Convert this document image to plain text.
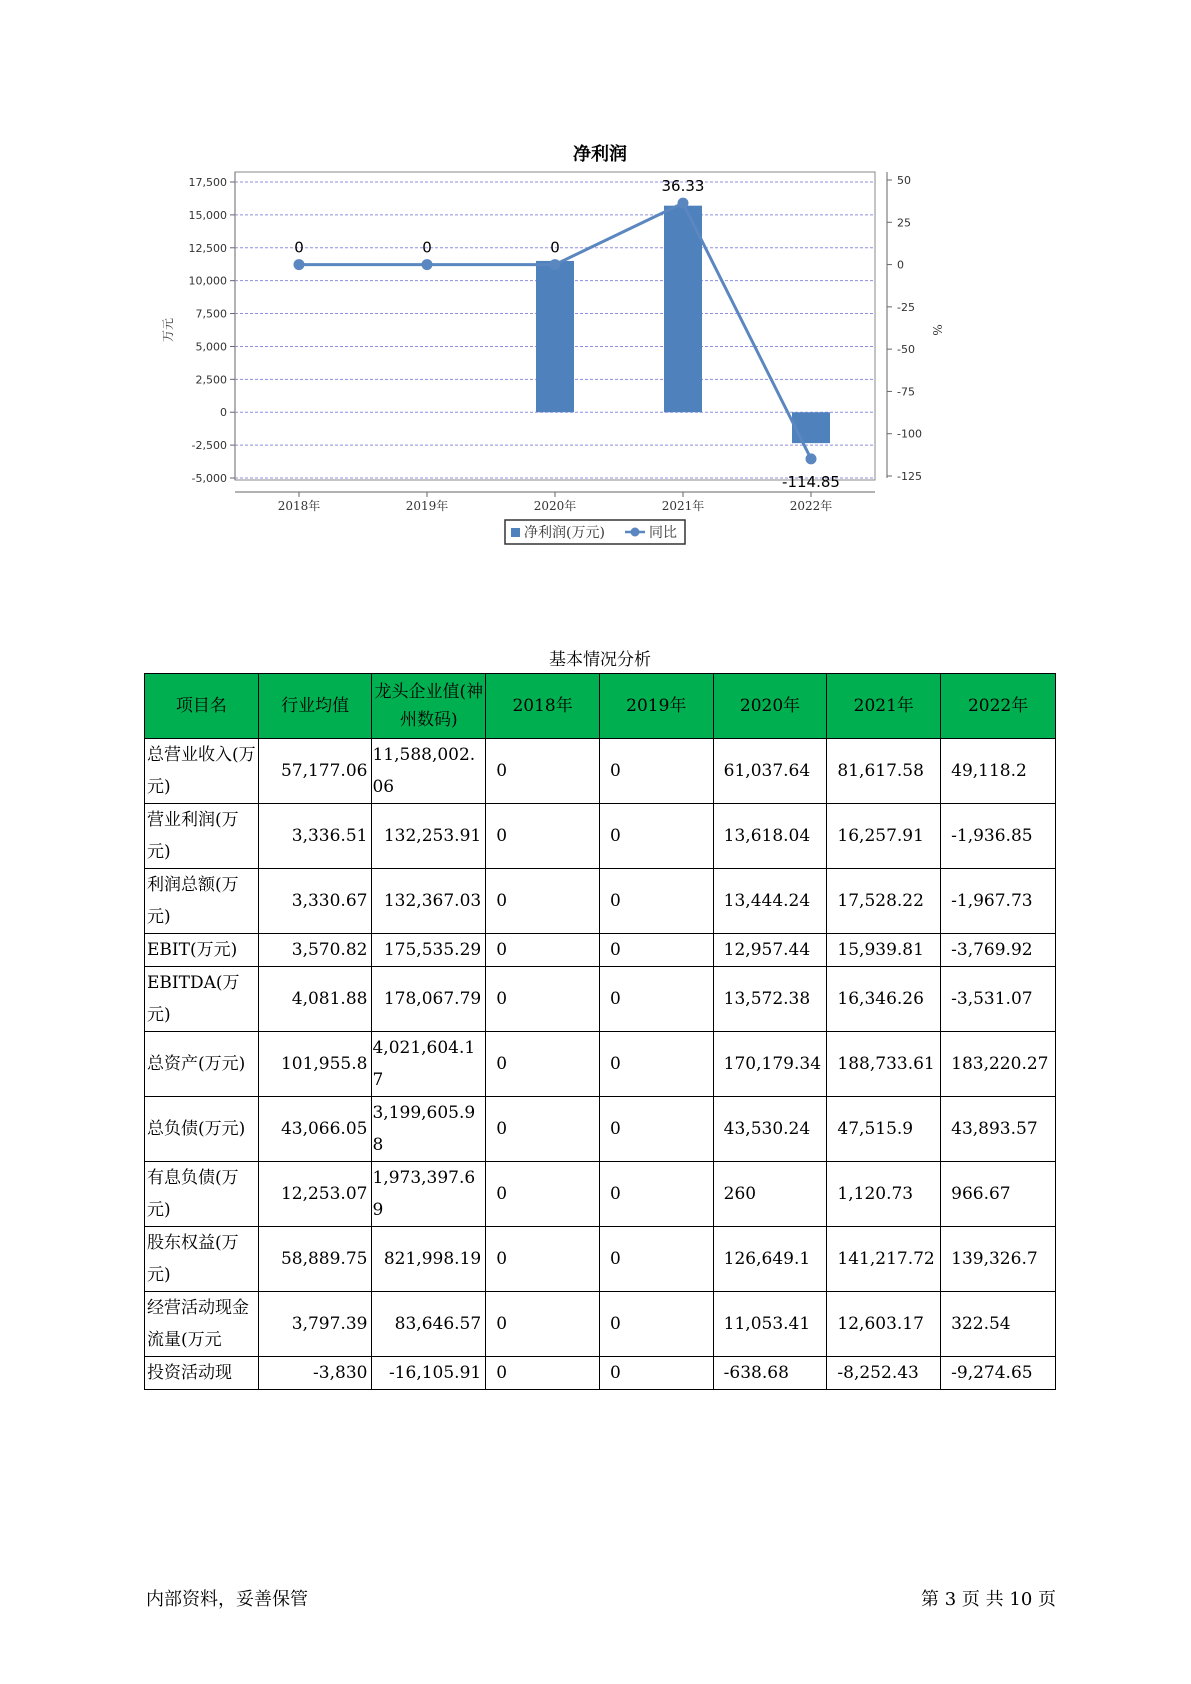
净利润
17,500
15,000
12,500
10,000
7,500
5,000
2,500
0
-2,500
-5,000
50
25
0
-25
-50
-75
-100
-125
2018年	2019年	2020年	2021年	2022年
万元	%
0	0	0
36.33
-114.85
净利润(万元)	同比
基本情况分析
项目名	行业均值	龙头企业值(神州数码)	2018年	2019年	2020年	2021年	2022年
总营业收入(万元)	57,177.06	11,588,002.06	0	0	61,037.64	81,617.58	49,118.2
营业利润(万元)	3,336.51	132,253.91	0	0	13,618.04	16,257.91	-1,936.85
利润总额(万元)	3,330.67	132,367.03	0	0	13,444.24	17,528.22	-1,967.73
EBIT(万元)	3,570.82	175,535.29	0	0	12,957.44	15,939.81	-3,769.92
EBITDA(万元)	4,081.88	178,067.79	0	0	13,572.38	16,346.26	-3,531.07
总资产(万元)	101,955.8	4,021,604.17	0	0	170,179.34	188,733.61	183,220.27
总负债(万元)	43,066.05	3,199,605.98	0	0	43,530.24	47,515.9	43,893.57
有息负债(万元)	12,253.07	1,973,397.69	0	0	260	1,120.73	966.67
股东权益(万元)	58,889.75	821,998.19	0	0	126,649.1	141,217.72	139,326.7
经营活动现金流量(万元	3,797.39	83,646.57	0	0	11,053.41	12,603.17	322.54
投资活动现	-3,830	-16,105.91	0	0	-638.68	-8,252.43	-9,274.65
内部资料，妥善保管	第 3 页 共 10 页
